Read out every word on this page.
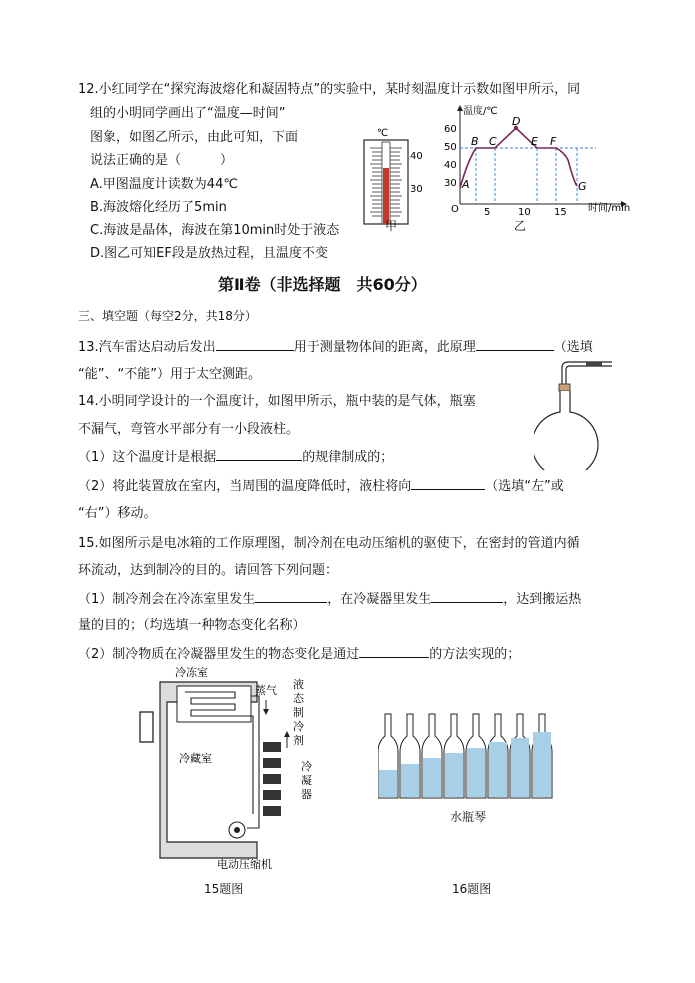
12.小红同学在“探究海波熔化和凝固特点”的实验中，某时刻温度计示数如图甲所示，同
组的小明同学画出了“温度—时间”
图象，如图乙所示，由此可知，下面
说法正确的是（　　　）
A.甲图温度计读数为44℃
B.海波熔化经历了5min
C.海波是晶体，海波在第10min时处于液态
D.图乙可知EF段是放热过程，且温度不变
℃
40
30
甲
温度/℃
时间/min
O
60
50
40
30
5	10 15
A
B C
D
E F
G
乙
第Ⅱ卷（非选择题　共60分）
三、填空题（每空2分，共18分）
13.汽车雷达启动后发出	用于测量物体间的距离，此原理	（选填
“能”、“不能”）用于太空测距。
14.小明同学设计的一个温度计，如图甲所示，瓶中装的是气体，瓶塞
不漏气，弯管水平部分有一小段液柱。
（1）这个温度计是根据	的规律制成的；
（2）将此装置放在室内，当周围的温度降低时，液柱将向	（选填“左”或
“右”）移动。
15.如图所示是电冰箱的工作原理图，制冷剂在电动压缩机的驱使下，在密封的管道内循
环流动，达到制冷的目的。请回答下列问题：
（1）制冷剂会在冷冻室里发生	，在冷凝器里发生	，达到搬运热
量的目的；（均选填一种物态变化名称）
（2）制冷物质在冷凝器里发生的物态变化是通过	的方法实现的；
冷冻室
蒸气 液
态
制
冷
剂
冷
凝
器
冷藏室
电动压缩机
15题图
水瓶琴
16题图
